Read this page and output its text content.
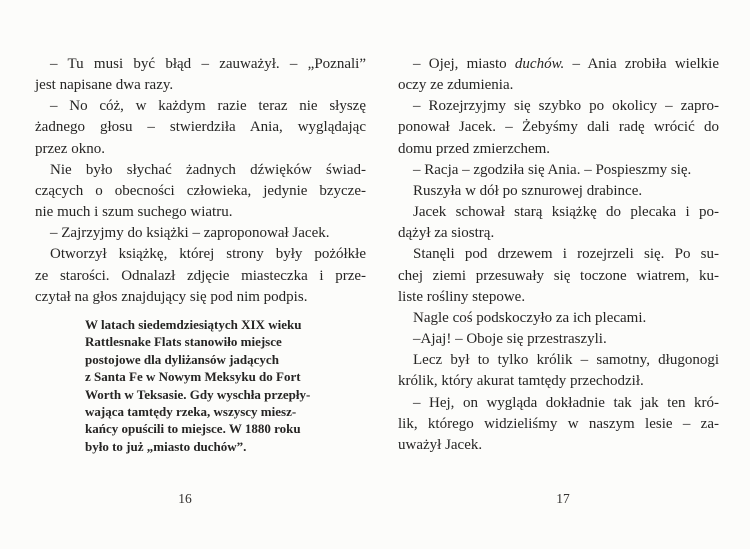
– Tu musi być błąd – zauważył. – „Poznali”
jest napisane dwa razy.
– No cóż, w każdym razie teraz nie słyszę
żadnego głosu – stwierdziła Ania, wyglądając
przez okno.
Nie było słychać żadnych dźwięków świad-
czących o obecności człowieka, jedynie bzycze-
nie much i szum suchego wiatru.
– Zajrzyjmy do książki – zaproponował Jacek.
Otworzył książkę, której strony były pożółkłe
ze starości. Odnalazł zdjęcie miasteczka i prze-
czytał na głos znajdujący się pod nim podpis.
W latach siedemdziesiątych XIX wieku
Rattlesnake Flats stanowiło miejsce
postojowe dla dyliżansów jadących
z Santa Fe w Nowym Meksyku do Fort
Worth w Teksasie. Gdy wyschła przepły-
wająca tamtędy rzeka, wszyscy miesz-
kańcy opuścili to miejsce. W 1880 roku
było to już „miasto duchów”.
– Ojej, miasto duchów. – Ania zrobiła wielkie
oczy ze zdumienia.
– Rozejrzyjmy się szybko po okolicy – zapro-
ponował Jacek. – Żebyśmy dali radę wrócić do
domu przed zmierzchem.
– Racja – zgodziła się Ania. – Pospieszmy się.
Ruszyła w dół po sznurowej drabince.
Jacek schował starą książkę do plecaka i po-
dążył za siostrą.
Stanęli pod drzewem i rozejrzeli się. Po su-
chej ziemi przesuwały się toczone wiatrem, ku-
liste rośliny stepowe.
Nagle coś podskoczyło za ich plecami.
–Ajaj! – Oboje się przestraszyli.
Lecz był to tylko królik – samotny, długonogi
królik, który akurat tamtędy przechodził.
– Hej, on wygląda dokładnie tak jak ten kró-
lik, którego widzieliśmy w naszym lesie – za-
uważył Jacek.
16	17
